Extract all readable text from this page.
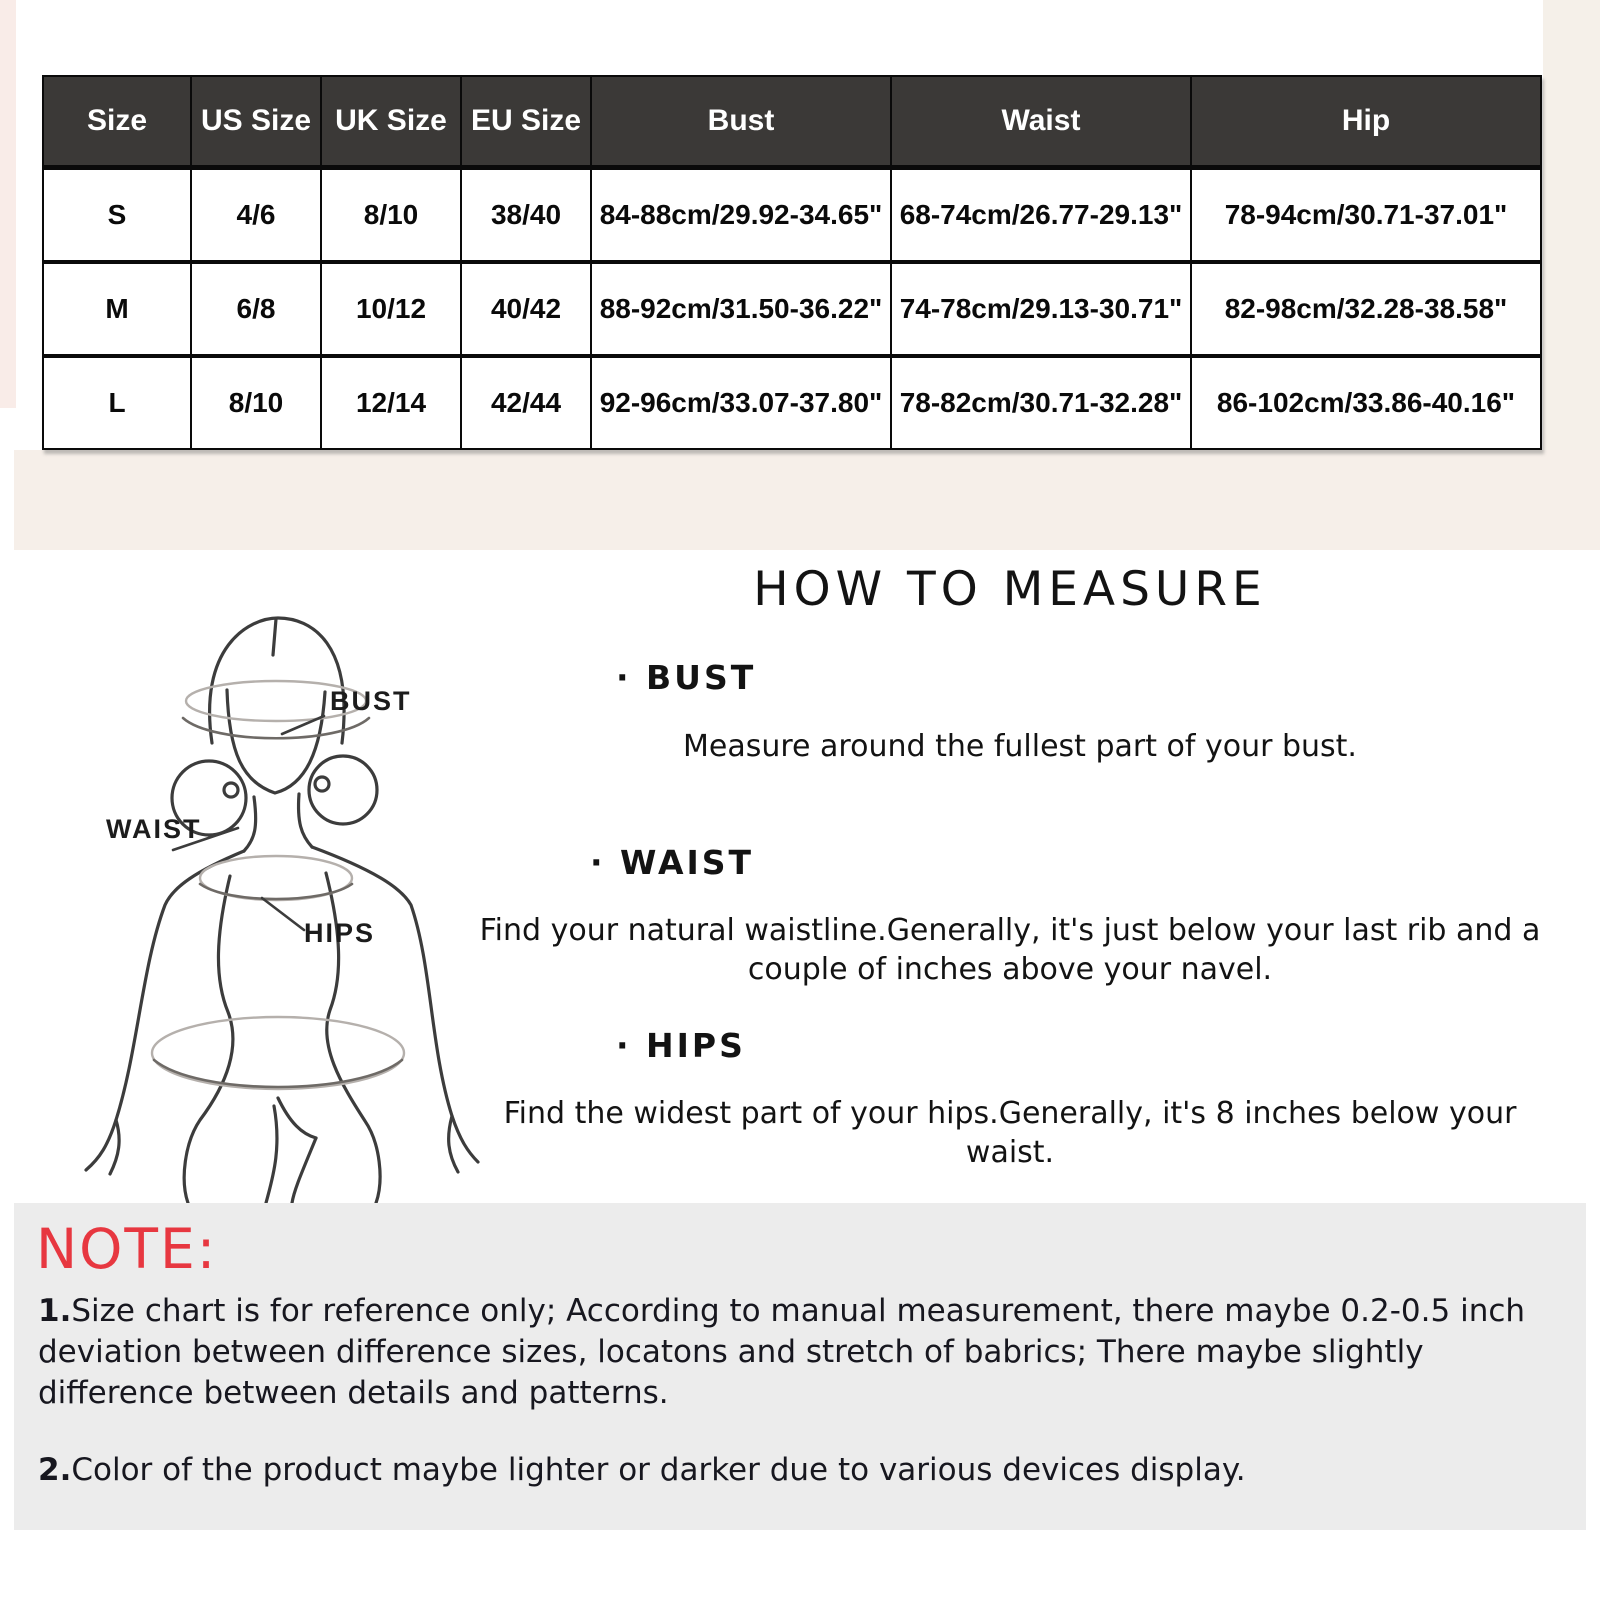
Size	US Size	UK Size	EU Size	Bust	Waist	Hip
S	4/6	8/10	38/40	84-88cm/29.92-34.65"	68-74cm/26.77-29.13"	78-94cm/30.71-37.01"
M	6/8	10/12	40/42	88-92cm/31.50-36.22"	74-78cm/29.13-30.71"	82-98cm/32.28-38.58"
L	8/10	12/14	42/44	92-96cm/33.07-37.80"	78-82cm/30.71-32.28"	86-102cm/33.86-40.16"
BUST
WAIST
HIPS
HOW TO MEASURE
· BUST
Measure around the fullest part of your bust.
· WAIST
Find your natural waistline.Generally, it's just below your last rib and a couple of inches above your navel.
· HIPS
Find the widest part of your hips.Generally, it's 8 inches below your waist.
NOTE:
1.Size chart is for reference only; According to manual measurement, there maybe 0.2-0.5 inch deviation between difference sizes, locatons and stretch of babrics; There maybe slightly difference between details and patterns.
2.Color of the product maybe lighter or darker due to various devices display.
